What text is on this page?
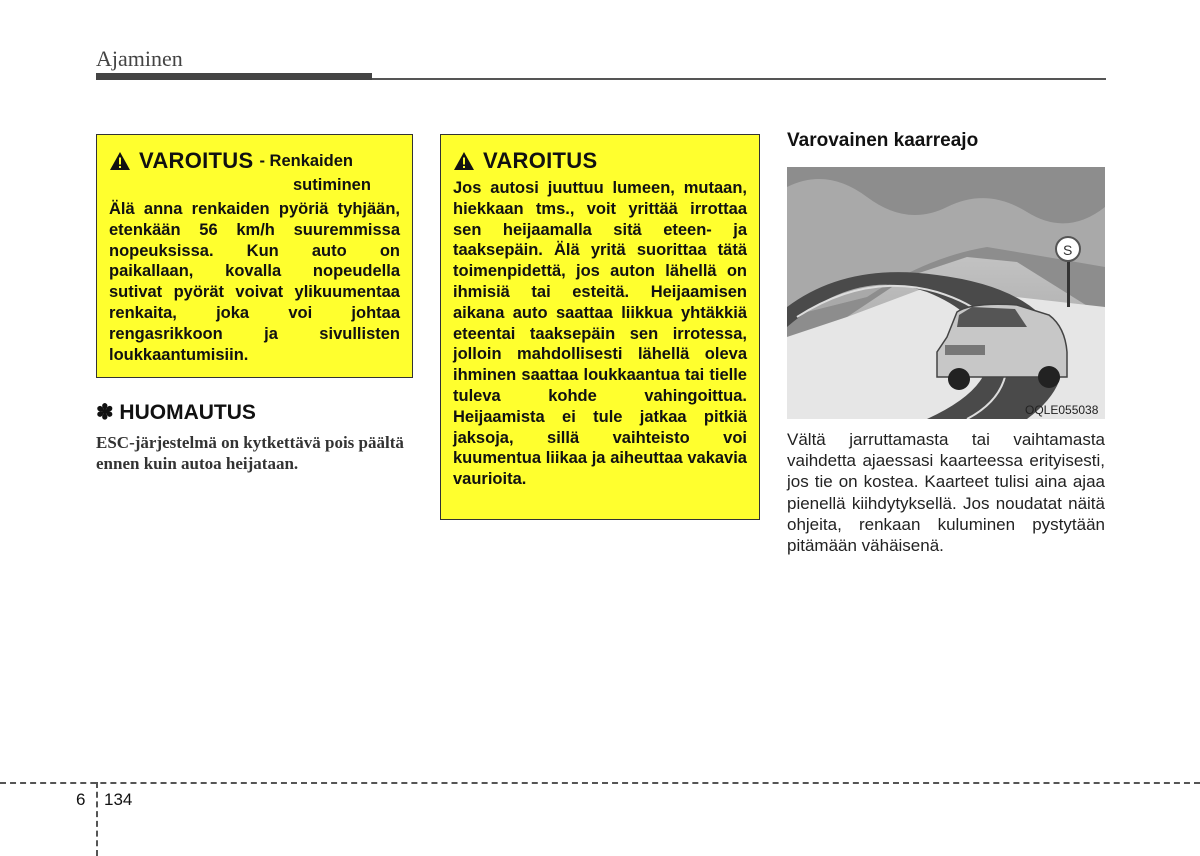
Ajaminen
VAROITUS - Renkaiden
sutiminen
Älä anna renkaiden pyöriä tyhjään, etenkään 56 km/h suuremmissa nopeuksissa. Kun auto on paikallaan, kovalla nopeudella sutivat pyörät voivat ylikuumentaa renkaita, joka voi johtaa rengasrikkoon ja sivullisten loukkaantumisiin.
✽ HUOMAUTUS
ESC-järjestelmä on kytkettävä pois päältä ennen kuin autoa heijataan.
VAROITUS
Jos autosi juuttuu lumeen, mutaan, hiekkaan tms., voit yrittää irrottaa sen heijaamalla sitä eteen- ja taaksepäin. Älä yritä suorittaa tätä toimenpidettä, jos auton lähellä on ihmisiä tai esteitä. Heijaamisen aikana auto saattaa liikkua yhtäkkiä eteentai taaksepäin sen irrotessa, jolloin mahdollisesti lähellä oleva ihminen saattaa loukkaantua tai tielle tuleva kohde vahingoittua. Heijaamista ei tule jatkaa pitkiä jaksoja, sillä vaihteisto voi kuumentua liikaa ja aiheuttaa vakavia vaurioita.
Varovainen kaarreajo
S
OQLE055038
Vältä jarruttamasta tai vaihtamasta vaihdetta ajaessasi kaarteessa erityisesti, jos tie on kostea. Kaarteet tulisi aina ajaa pienellä kiihdytyksellä. Jos noudatat näitä ohjeita, renkaan kuluminen pystytään pitämään vähäisenä.
6 134
